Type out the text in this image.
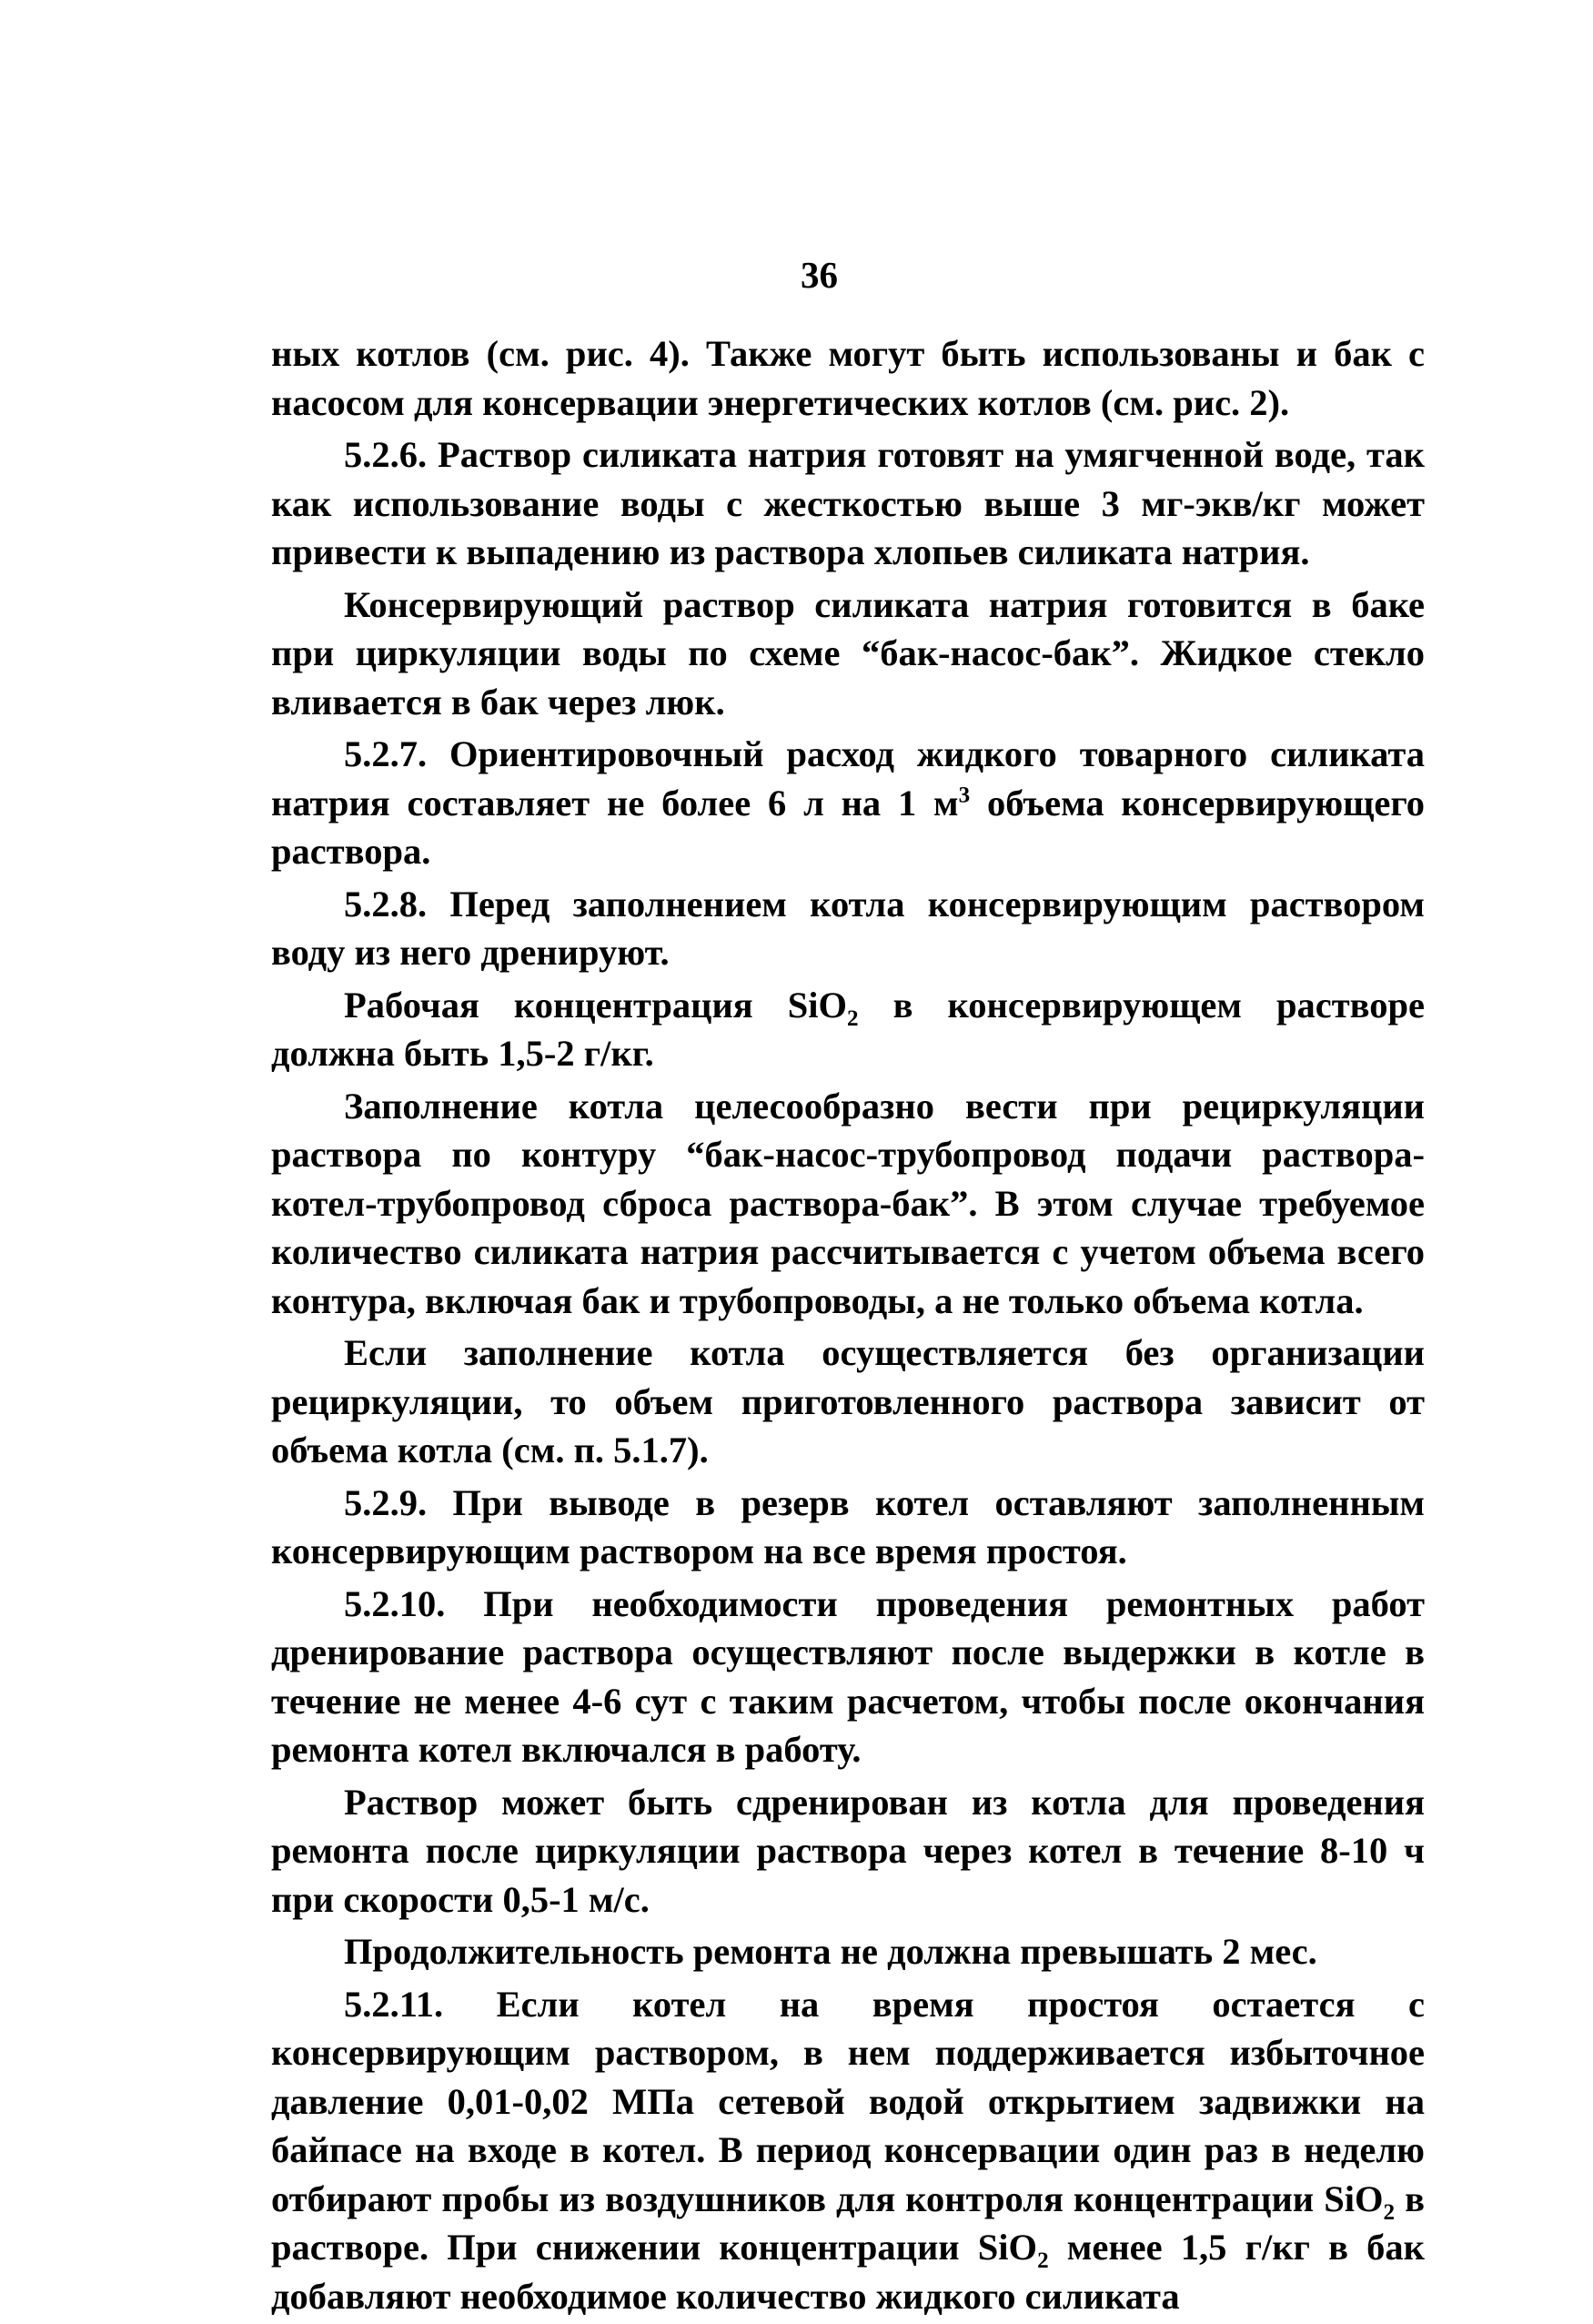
36

ных котлов (см. рис. 4). Также могут быть использованы и бак с насосом для консервации энергетических котлов (см. рис. 2).

5.2.6. Раствор силиката натрия готовят на умягченной воде, так как использование воды с жесткостью выше 3 мг-экв/кг может привести к выпадению из раствора хлопьев силиката натрия.

Консервирующий раствор силиката натрия готовится в баке при циркуляции воды по схеме “бак-насос-бак”. Жидкое стекло вливается в бак через люк.

5.2.7. Ориентировочный расход жидкого товарного силиката натрия составляет не более 6 л на 1 $м^3$ объема консервирующего раствора.

5.2.8. Перед заполнением котла консервирующим раствором воду из него дренируют.

Рабочая концентрация SiO$_2$ в консервирующем растворе должна быть 1,5-2 г/кг.

Заполнение котла целесообразно вести при рециркуляции раствора по контуру “бак-насос-трубопровод подачи раствора-котел-трубопровод сброса раствора-бак”. В этом случае требуемое количество силиката натрия рассчитывается с учетом объема всего контура, включая бак и трубопроводы, а не только объема котла.

Если заполнение котла осуществляется без организации рециркуляции, то объем приготовленного раствора зависит от объема котла (см. п. 5.1.7).

5.2.9. При выводе в резерв котел оставляют заполненным консервирующим раствором на все время простоя.

5.2.10. При необходимости проведения ремонтных работ дренирование раствора осуществляют после выдержки в котле в течение не менее 4-6 сут с таким расчетом, чтобы после окончания ремонта котел включался в работу.

Раствор может быть сдренирован из котла для проведения ремонта после циркуляции раствора через котел в течение 8-10 ч при скорости 0,5-1 м/с.

Продолжительность ремонта не должна превышать 2 мес.

5.2.11. Если котел на время простоя остается с консервирующим раствором, в нем поддерживается избыточное давление 0,01-0,02 МПа сетевой водой открытием задвижки на байпасе на входе в котел. В период консервации один раз в неделю отбирают пробы из воздушников для контроля концентрации SiO$_2$ в растворе. При снижении концентрации SiO$_2$ менее 1,5 г/кг в бак добавляют необходимое количество жидкого силиката
